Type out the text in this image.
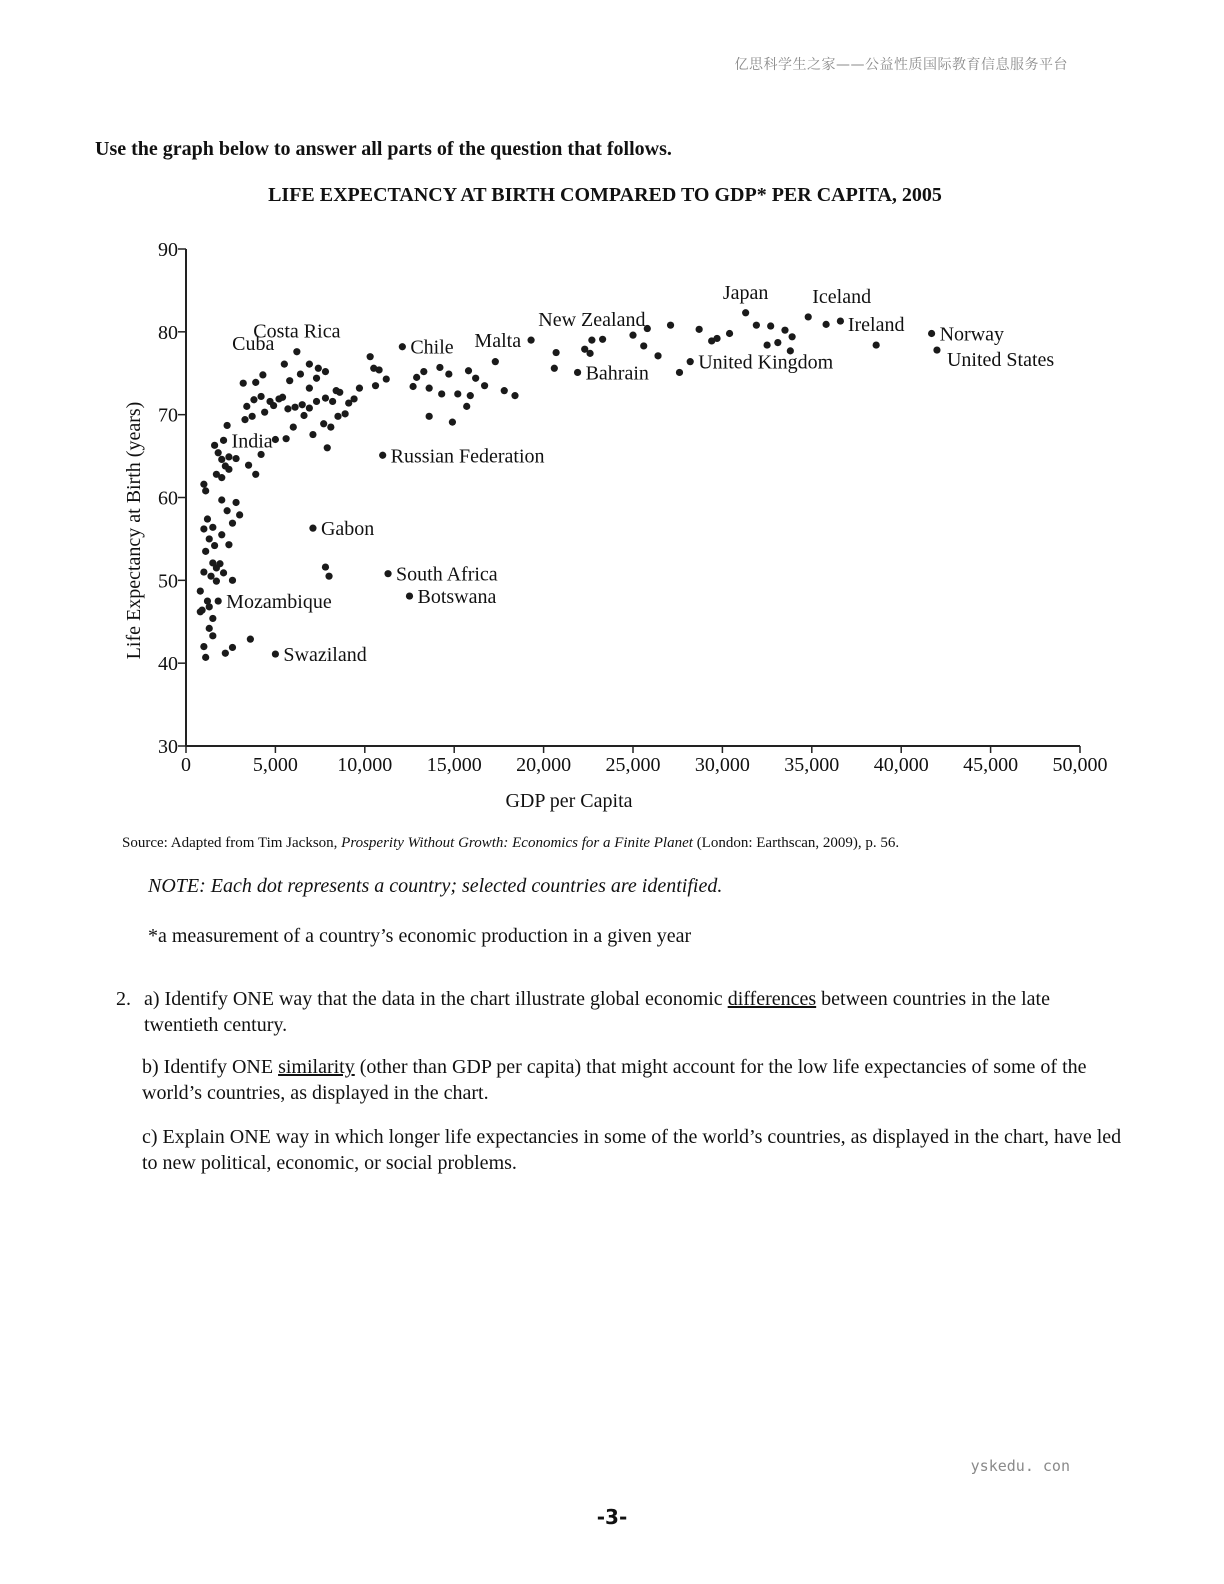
亿思科学生之家——公益性质国际教育信息服务平台
Use the graph below to answer all parts of the question that follows.
LIFE EXPECTANCY AT BIRTH COMPARED TO GDP* PER CAPITA, 2005
30
40
50
60
70
80
90
0	5,000 10,000 15,000 20,000 25,000 30,000 35,000 40,000 45,000 50,000
GDP per Capita
Life Expectancy at Birth (years)
Costa Rica
Cuba	Chile Malta
New Zealand
Bahrain
Japan
United Kingdom
Iceland
Ireland Norway
United States
India
Russian Federation
Gabon
South Africa
Botswana
Mozambique
Swaziland
Source: Adapted from Tim Jackson, Prosperity Without Growth: Economics for a Finite Planet (London: Earthscan, 2009), p. 56.
NOTE: Each dot represents a country; selected countries are identified.
*a measurement of a country’s economic production in a given year
2. a) Identify ONE way that the data in the chart illustrate global economic differences between countries in the late twentieth century.
b) Identify ONE similarity (other than GDP per capita) that might account for the low life expectancies of some of the world’s countries, as displayed in the chart.
c) Explain ONE way in which longer life expectancies in some of the world’s countries, as displayed in the chart, have led to new political, economic, or social problems.
yskedu. con
-3-
